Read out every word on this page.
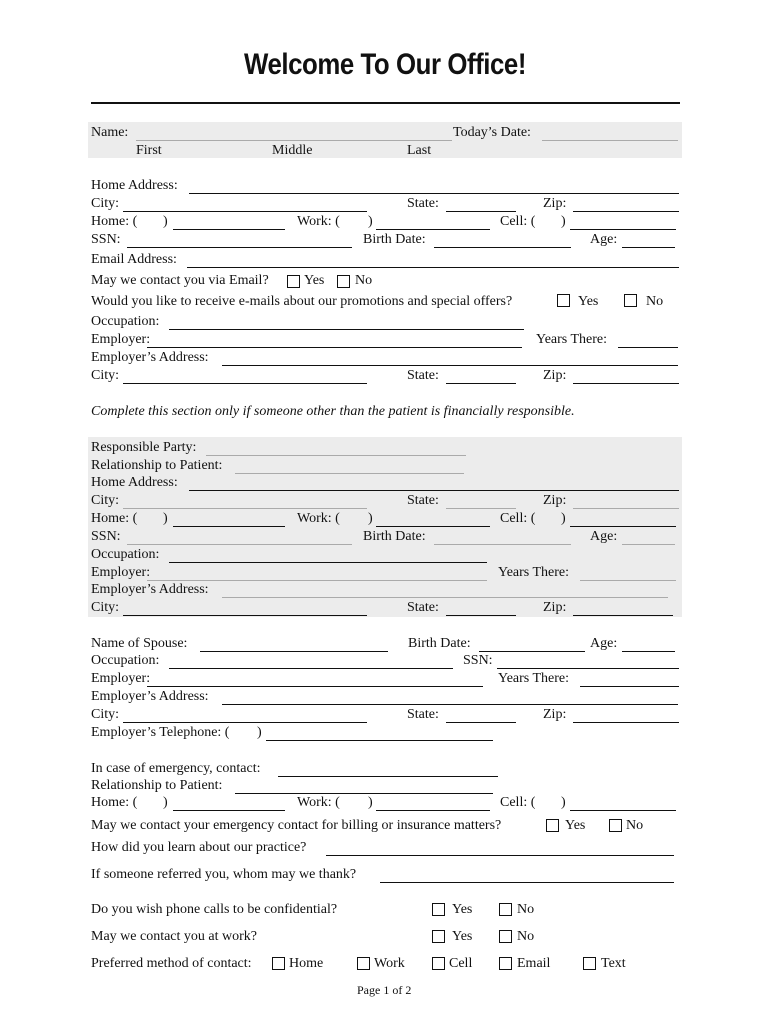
Welcome To Our Office!
Name:	Today’s Date:
First	Middle	Last
Home Address:
City:	State:	Zip:
Home: ( )	Work: ( )	Cell: ( )
SSN:	Birth Date:	Age:
Email Address:
May we contact you via Email?	Yes No
Would you like to receive e-mails about our promotions and special offers?	Yes	No
Occupation:
Employer:	Years There:
Employer’s Address:
City:	State:	Zip:
Complete this section only if someone other than the patient is financially responsible.
Responsible Party:
Relationship to Patient:
Home Address:
City:	State:	Zip:
Home: ( )	Work: ( )	Cell: ( )
SSN:	Birth Date:	Age:
Occupation:
Employer:	Years There:
Employer’s Address:
City:	State:	Zip:
Name of Spouse:	Birth Date:	Age:
Occupation:	SSN:
Employer:	Years There:
Employer’s Address:
City:	State:	Zip:
Employer’s Telephone: ( )
In case of emergency, contact:
Relationship to Patient:
Home: ( )	Work: ( )	Cell: ( )
May we contact your emergency contact for billing or insurance matters?	Yes	No
How did you learn about our practice?
If someone referred you, whom may we thank?
Do you wish phone calls to be confidential?	Yes	No
May we contact you at work?	Yes	No
Preferred method of contact:	Home	Work	Cell	Email	Text
Page 1 of 2
